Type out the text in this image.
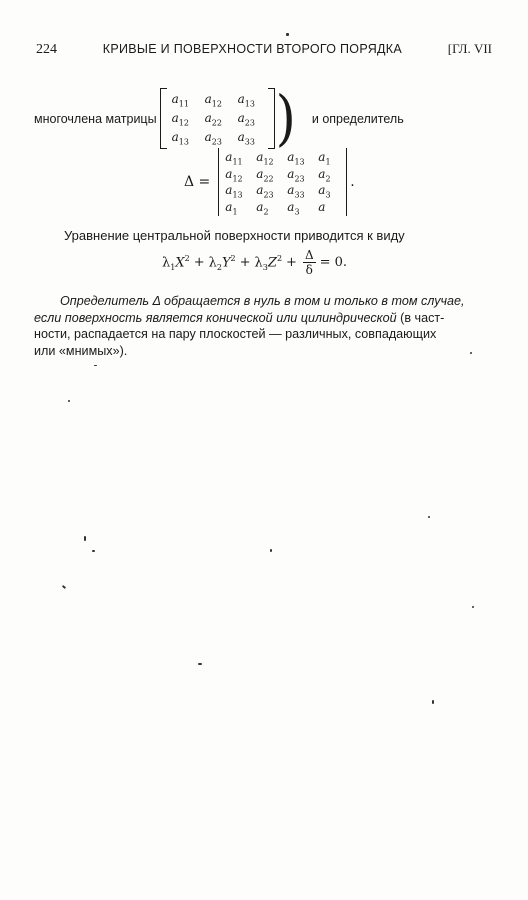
224	КРИВЫЕ И ПОВЕРХНОСТИ ВТОРОГО ПОРЯДКА	[ГЛ. VII
многочлена матрицы
$a_{11}$	$a_{12}$	$a_{13}$
$a_{12}$	$a_{22}$	$a_{23}$
$a_{13}$	$a_{23}$	$a_{33}$ ) и определитель
Δ =
$a_{11}$	$a_{12}$	$a_{13}$	$a_1$
$a_{12}$	$a_{22}$	$a_{23}$	$a_2$
$a_{13}$	$a_{23}$	$a_{33}$	$a_3$
$a_1$	$a_2$	$a_3$	a
.
Уравнение центральной поверхности приводится к виду
$\lambda_1X^2 + \lambda_2Y^2 + \lambda_3Z^2 + \frac{\Delta}{\delta} = 0$.
Определитель Δ обращается в нуль в том и только в том случае,
если поверхность является конической или цилиндрической (в част-
ности, распадается на пару плоскостей — различных, совпадающих
или «мнимых»).
